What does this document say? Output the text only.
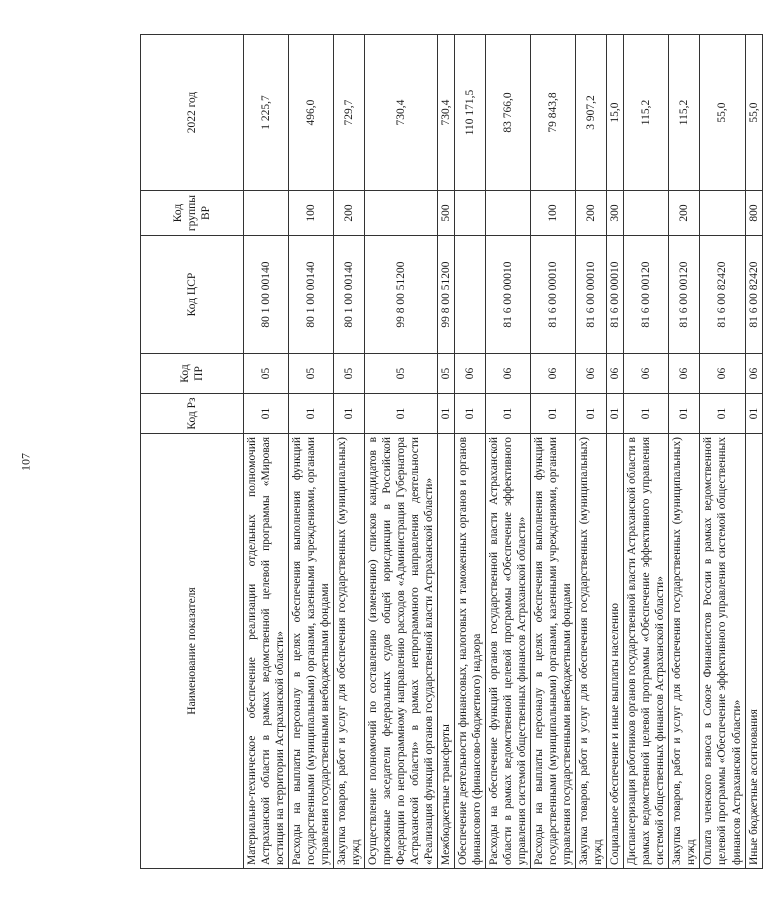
107
Наименование показателя	Код Рз	Код ПР	Код ЦСР	Код группы ВР	2022 год
Материально-техническое обеспечение реализации отдельных полномочий Астраханской области в рамках ведомственной целевой программы «Мировая юстиция на территории Астраханской области»	01	05	80 1 00 00140		1 225,7
Расходы на выплаты персоналу в целях обеспечения выполнения функций государственными (муниципальными) органами, казенными учреждениями, органами управления государственными внебюджетными фондами	01	05	80 1 00 00140	100	496,0
Закупка товаров, работ и услуг для обеспечения государственных (муниципальных) нужд	01	05	80 1 00 00140	200	729,7
Осуществление полномочий по составлению (изменению) списков кандидатов в присяжные заседатели федеральных судов общей юрисдикции в Российской Федерации по непрограммному направлению расходов «Администрация Губернатора Астраханской области» в рамках непрограммного направления деятельности «Реализация функций органов государственной власти Астраханской области»	01	05	99 8 00 51200		730,4
Межбюджетные трансферты	01	05	99 8 00 51200	500	730,4
Обеспечение деятельности финансовых, налоговых и таможенных органов и органов финансового (финансово-бюджетного) надзора	01	06			110 171,5
Расходы на обеспечение функций органов государственной власти Астраханской области в рамках ведомственной целевой программы «Обеспечение эффективного управления системой общественных финансов Астраханской области»	01	06	81 6 00 00010		83 766,0
Расходы на выплаты персоналу в целях обеспечения выполнения функций государственными (муниципальными) органами, казенными учреждениями, органами управления государственными внебюджетными фондами	01	06	81 6 00 00010	100	79 843,8
Закупка товаров, работ и услуг для обеспечения государственных (муниципальных) нужд	01	06	81 6 00 00010	200	3 907,2
Социальное обеспечение и иные выплаты населению	01	06	81 6 00 00010	300	15,0
Диспансеризация работников органов государственной власти Астраханской области в рамках ведомственной целевой программы «Обеспечение эффективного управления системой общественных финансов Астраханской области»	01	06	81 6 00 00120		115,2
Закупка товаров, работ и услуг для обеспечения государственных (муниципальных) нужд	01	06	81 6 00 00120	200	115,2
Оплата членского взноса в Союзе Финансистов России в рамках ведомственной целевой программы «Обеспечение эффективного управления системой общественных финансов Астраханской области»	01	06	81 6 00 82420		55,0
Иные бюджетные ассигнования	01	06	81 6 00 82420	800	55,0
